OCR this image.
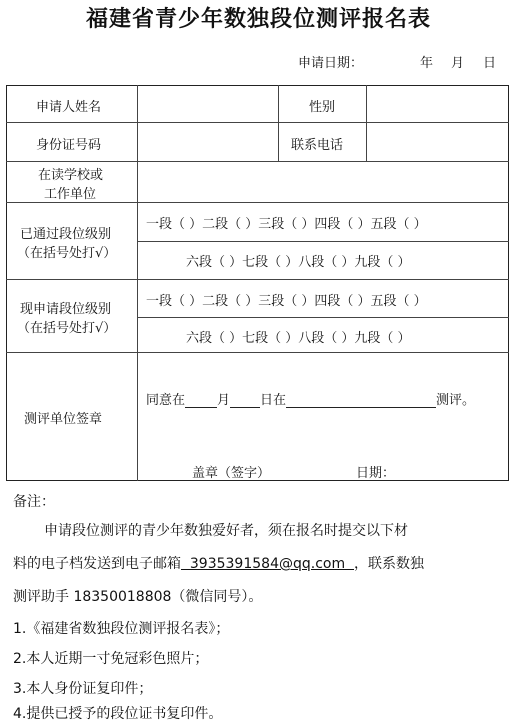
福建省青少年数独段位测评报名表
申请日期：	年 月 日
申请人姓名	性别
身份证号码	联系电话
在读学校或
工作单位
已通过段位级别
（在括号处打√）
一段（ ）二段（ ）三段（ ）四段（ ）五段（ ）
六段（ ）七段（ ）八段（ ）九段（ ）
现申请段位级别
（在括号处打√）
一段（ ）二段（ ）三段（ ）四段（ ）五段（ ）
六段（ ）七段（ ）八段（ ）九段（ ）
测评单位签章
同意在 月 日在	测评。
盖章（签字）	日期：
备注：
申请段位测评的青少年数独爱好者，须在报名时提交以下材
料的电子档发送到电子邮箱  3935391584@qq.com  ，联系数独
测评助手 18350018808（微信同号）。
1.《福建省数独段位测评报名表》；
2.本人近期一寸免冠彩色照片；
3.本人身份证复印件；
4.提供已授予的段位证书复印件。
